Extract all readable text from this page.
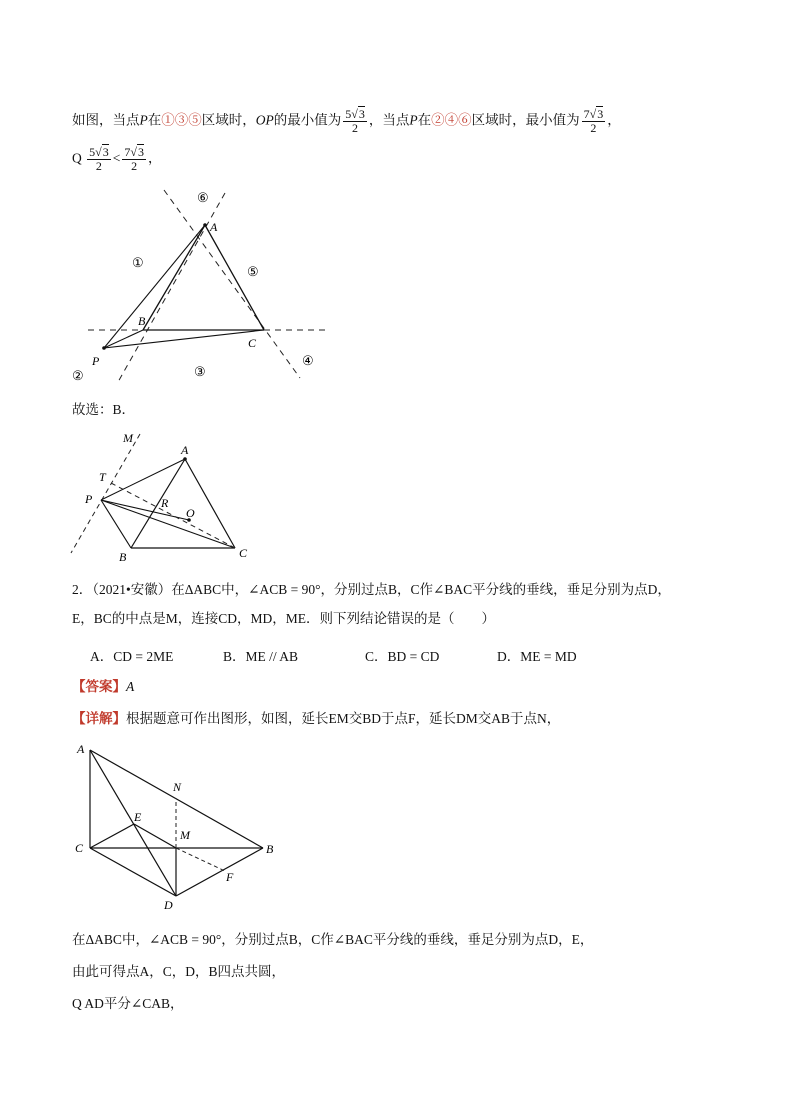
如图，当点P在①③⑤区域时，OP的最小值为 $\frac{5√3}{2}$ ，当点P在②④⑥区域时，最小值为 $\frac{7√3}{2}$ ，
Q $\frac{5√3}{2} < \frac{7√3}{2}$ ，
A
B
C
P
①
②	③
④
⑤
⑥
故选：B．
M
A
T
P	R
O
B	C
2．（2021•安徽）在ΔABC中，∠ACB = 90°，分别过点B，C作∠BAC平分线的垂线，垂足分别为点D，
E，BC的中点是M，连接CD，MD，ME．则下列结论错误的是（　　）
A．CD = 2ME	B．ME // AB	C．BD = CD	D．ME = MD
【答案】A
【详解】根据题意可作出图形，如图，延长EM交BD于点F，延长DM交AB于点N，
A
N
E
M
C	B
F
D
在ΔABC中，∠ACB = 90°，分别过点B，C作∠BAC平分线的垂线，垂足分别为点D，E，
由此可得点A，C，D，B四点共圆，
Q AD平分∠CAB，
